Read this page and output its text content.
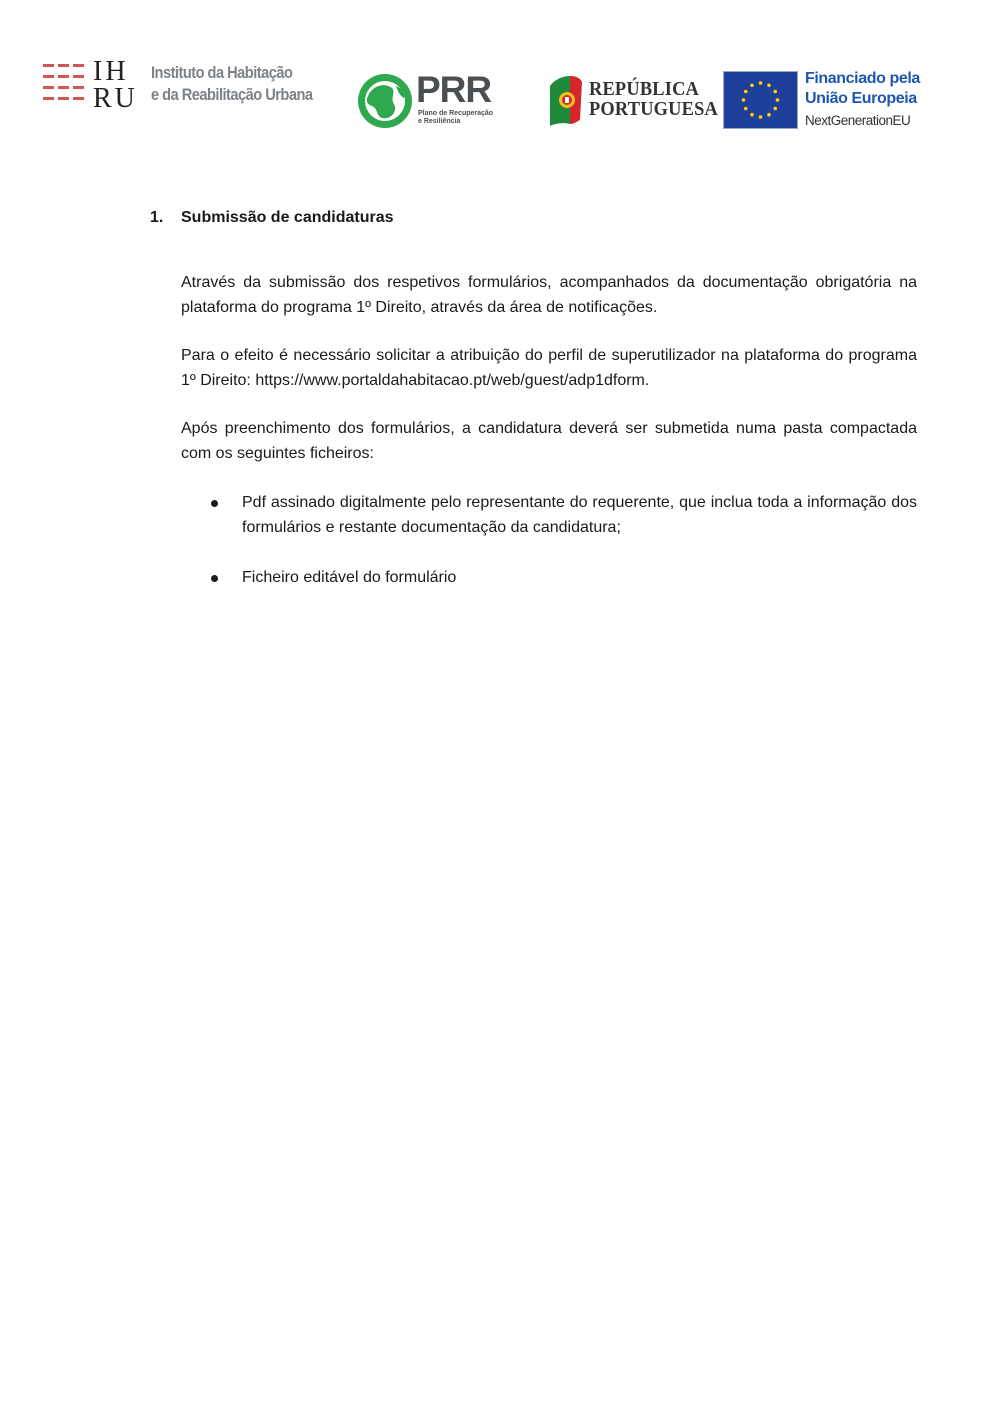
IH
RU
Instituto da Habitação
e da Reabilitação Urbana	PRR
Plano de Recuperação
e Resiliência
REPÚBLICA
PORTUGUESA
Financiado pela
União Europeia
NextGenerationEU
1. Submissão de candidaturas
Através da submissão dos respetivos formulários, acompanhados da documentação obrigatória na plataforma do programa 1º Direito, através da área de notificações.
Para o efeito é necessário solicitar a atribuição do perfil de superutilizador na plataforma do programa 1º Direito: https://www.portaldahabitacao.pt/web/guest/adp1dform.
Após preenchimento dos formulários, a candidatura deverá ser submetida numa pasta compactada com os seguintes ficheiros:
Pdf assinado digitalmente pelo representante do requerente, que inclua toda a informação dos formulários e restante documentação da candidatura;
Ficheiro editável do formulário
